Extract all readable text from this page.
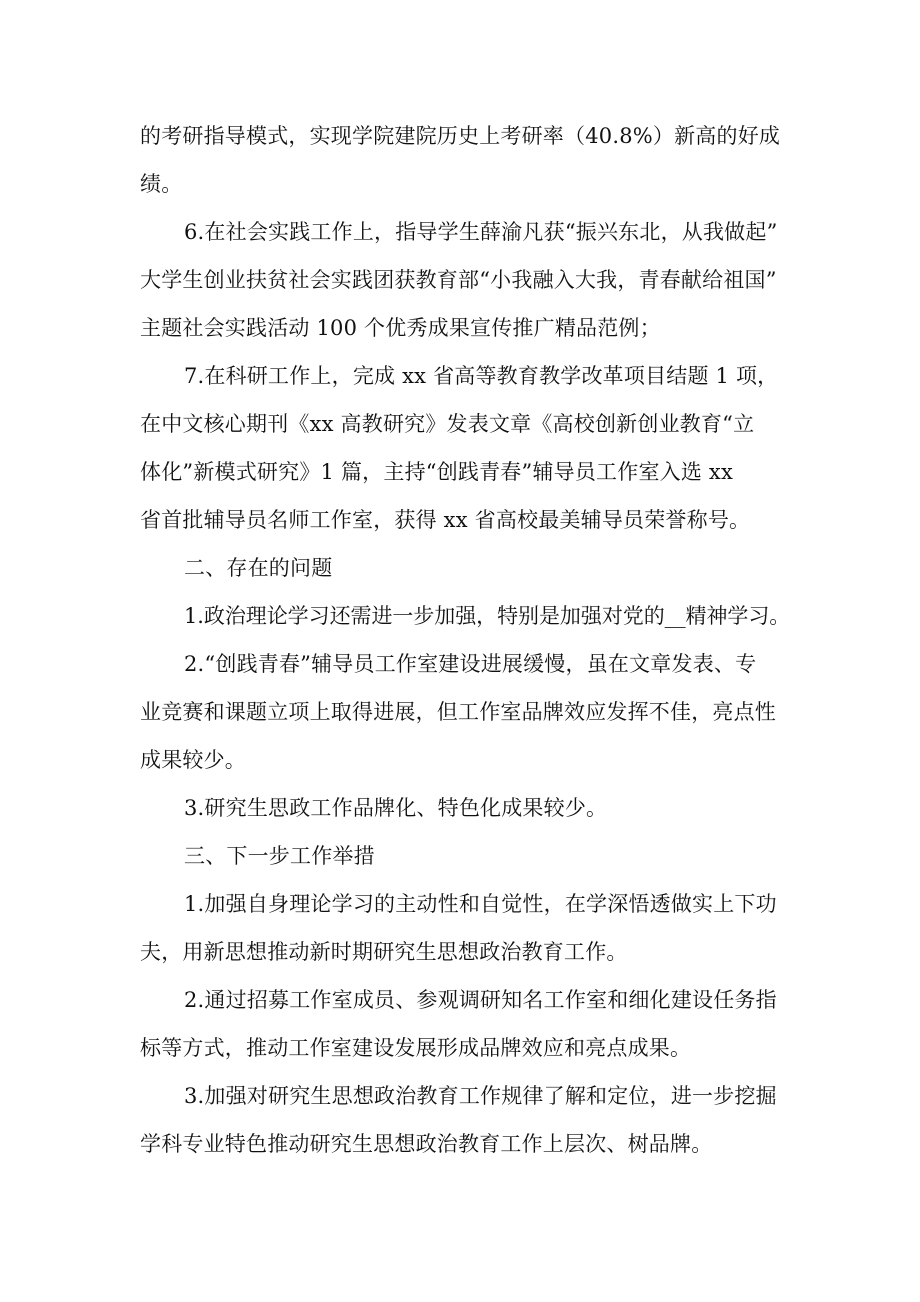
的考研指导模式，实现学院建院历史上考研率（40.8%）新高的好成
绩。
6.在社会实践工作上，指导学生薛渝凡获“振兴东北，从我做起”
大学生创业扶贫社会实践团获教育部“小我融入大我，青春献给祖国”
主题社会实践活动 100 个优秀成果宣传推广精品范例；
7.在科研工作上，完成 xx 省高等教育教学改革项目结题 1 项，
在中文核心期刊《xx 高教研究》发表文章《高校创新创业教育“立
体化”新模式研究》1 篇，主持“创践青春”辅导员工作室入选 xx
省首批辅导员名师工作室，获得 xx 省高校最美辅导员荣誉称号。
二、存在的问题
1.政治理论学习还需进一步加强，特别是加强对党的__精神学习。
2.“创践青春”辅导员工作室建设进展缓慢，虽在文章发表、专
业竞赛和课题立项上取得进展，但工作室品牌效应发挥不佳，亮点性
成果较少。
3.研究生思政工作品牌化、特色化成果较少。
三、下一步工作举措
1.加强自身理论学习的主动性和自觉性，在学深悟透做实上下功
夫，用新思想推动新时期研究生思想政治教育工作。
2.通过招募工作室成员、参观调研知名工作室和细化建设任务指
标等方式，推动工作室建设发展形成品牌效应和亮点成果。
3.加强对研究生思想政治教育工作规律了解和定位，进一步挖掘
学科专业特色推动研究生思想政治教育工作上层次、树品牌。
